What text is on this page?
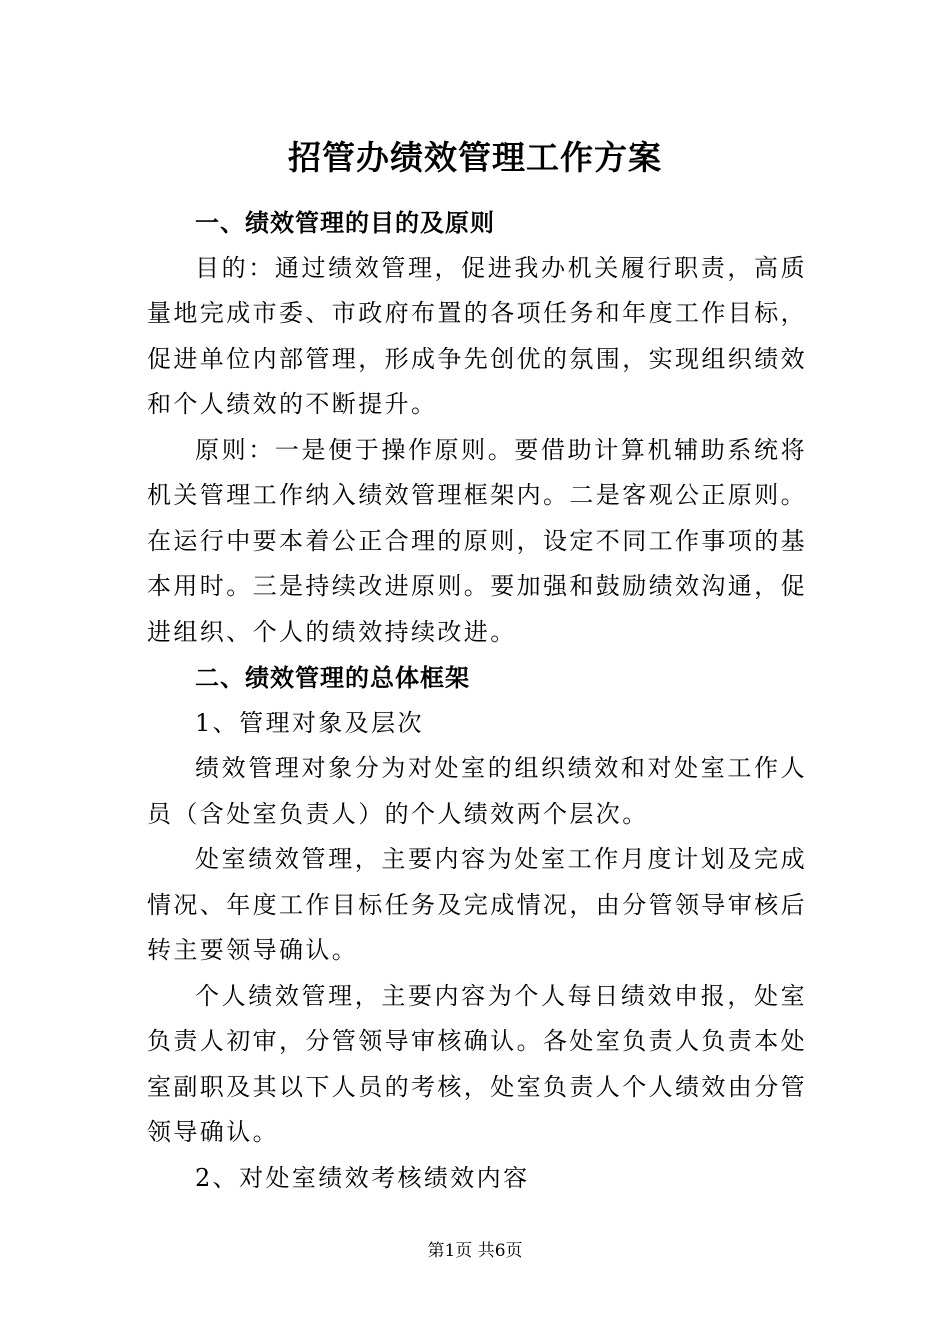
招管办绩效管理工作方案

一、绩效管理的目的及原则

目的：通过绩效管理，促进我办机关履行职责，高质量地完成市委、市政府布置的各项任务和年度工作目标，促进单位内部管理，形成争先创优的氛围，实现组织绩效和个人绩效的不断提升。

原则：一是便于操作原则。要借助计算机辅助系统将机关管理工作纳入绩效管理框架内。二是客观公正原则。在运行中要本着公正合理的原则，设定不同工作事项的基本用时。三是持续改进原则。要加强和鼓励绩效沟通，促进组织、个人的绩效持续改进。

二、绩效管理的总体框架

1、管理对象及层次

绩效管理对象分为对处室的组织绩效和对处室工作人员（含处室负责人）的个人绩效两个层次。

处室绩效管理，主要内容为处室工作月度计划及完成情况、年度工作目标任务及完成情况，由分管领导审核后转主要领导确认。

个人绩效管理，主要内容为个人每日绩效申报，处室负责人初审，分管领导审核确认。各处室负责人负责本处室副职及其以下人员的考核，处室负责人个人绩效由分管领导确认。

2、对处室绩效考核绩效内容

第1页 共6页
